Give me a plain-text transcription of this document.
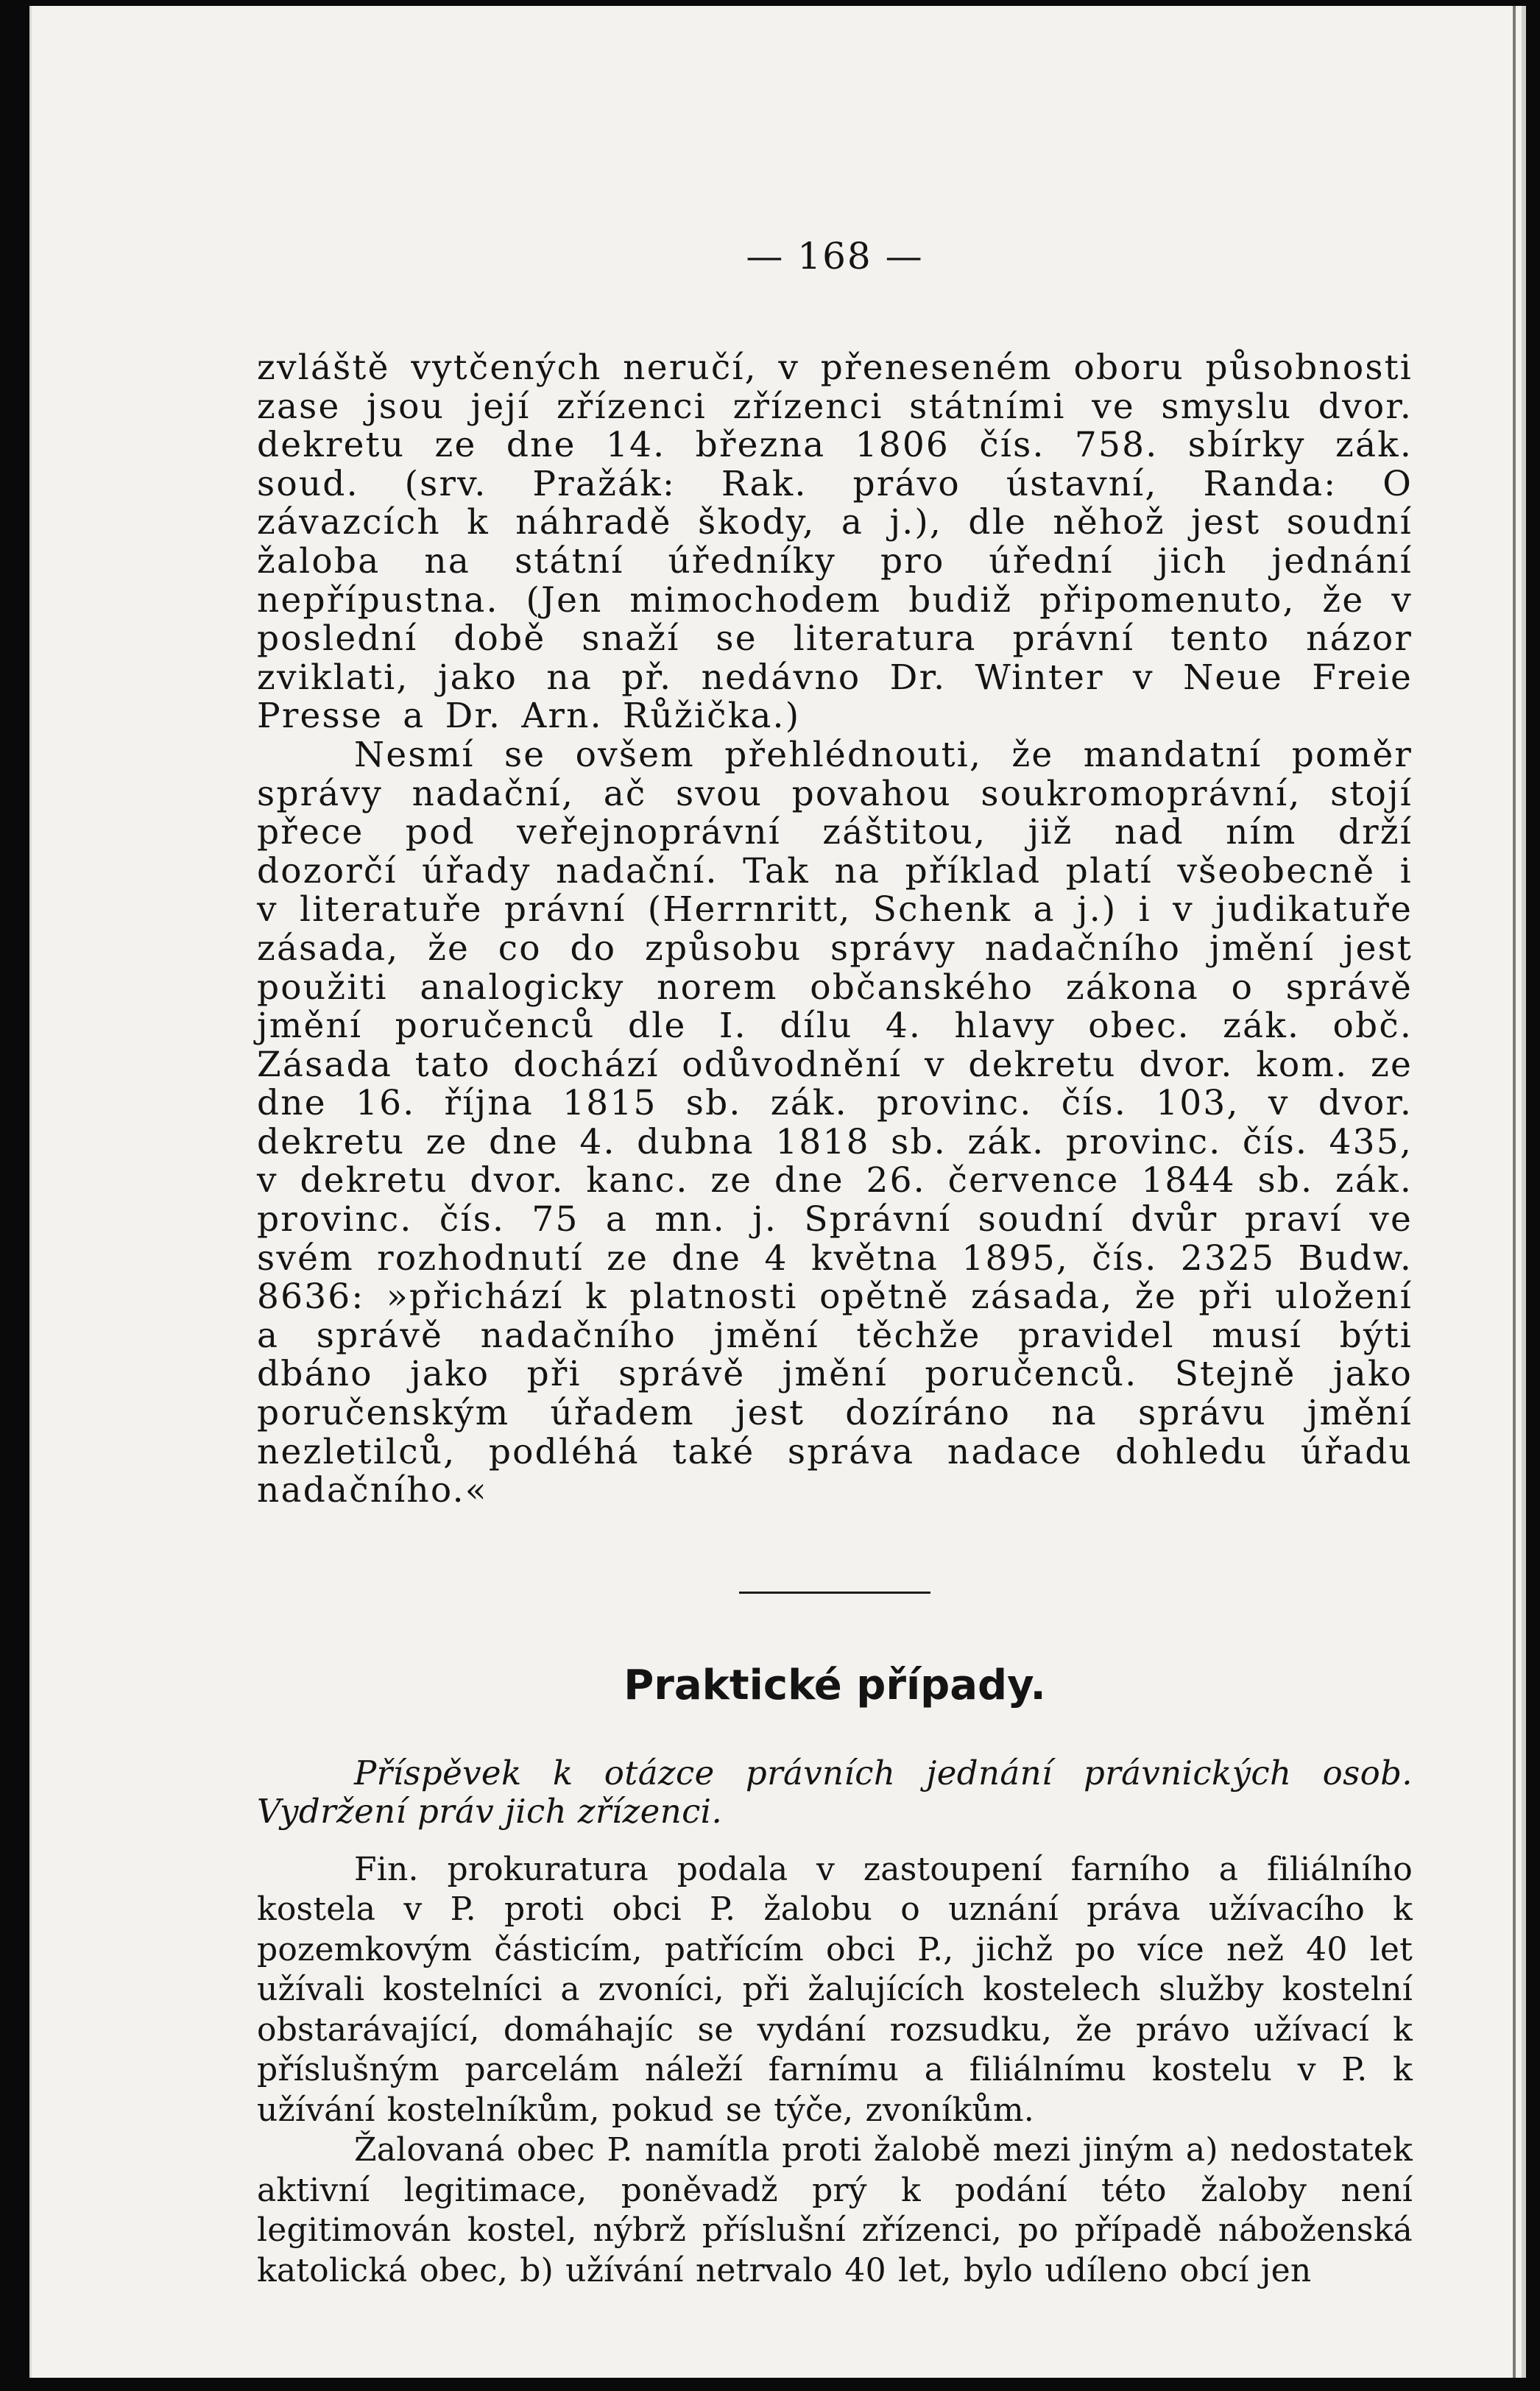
— 168 —

zvláště vytčených neručí, v přeneseném oboru působnosti zase jsou její zřízenci zřízenci státními ve smyslu dvor. dekretu ze dne 14. března 1806 čís. 758. sbírky zák. soud. (srv. Pražák: Rak. právo ústavní, Randa: O závazcích k náhradě škody, a j.), dle něhož jest soudní žaloba na státní úředníky pro úřední jich jednání nepřípustna. (Jen mimochodem budiž připomenuto, že v poslední době snaží se literatura právní tento názor zviklati, jako na př. nedávno Dr. Winter v Neue Freie Presse a Dr. Arn. Růžička.)

Nesmí se ovšem přehlédnouti, že mandatní poměr správy nadační, ač svou povahou soukromoprávní, stojí přece pod veřejnoprávní záštitou, již nad ním drží dozorčí úřady nadační. Tak na příklad platí všeobecně i v literatuře právní (Herrnritt, Schenk a j.) i v judikatuře zásada, že co do způsobu správy nadačního jmění jest použiti analogicky norem občanského zákona o správě jmění poručenců dle I. dílu 4. hlavy obec. zák. obč. Zásada tato dochází odůvodnění v dekretu dvor. kom. ze dne 16. října 1815 sb. zák. provinc. čís. 103, v dvor. dekretu ze dne 4. dubna 1818 sb. zák. provinc. čís. 435, v dekretu dvor. kanc. ze dne 26. července 1844 sb. zák. provinc. čís. 75 a mn. j. Správní soudní dvůr praví ve svém rozhodnutí ze dne 4 května 1895, čís. 2325 Budw. 8636: »přichází k platnosti opětně zásada, že při uložení a správě nadačního jmění těchže pravidel musí býti dbáno jako při správě jmění poručenců. Stejně jako poručenským úřadem jest dozíráno na správu jmění nezletilců, podléhá také správa nadace dohledu úřadu nadačního.«

Praktické případy.

Příspěvek k otázce právních jednání právnických osob. Vydržení práv jich zřízenci.

Fin. prokuratura podala v zastoupení farního a filiálního kostela v P. proti obci P. žalobu o uznání práva užívacího k pozemkovým částicím, patřícím obci P., jichž po více než 40 let užívali kostelníci a zvoníci, při žalujících kostelech služby kostelní obstarávající, domáhajíc se vydání rozsudku, že právo užívací k příslušným parcelám náleží farnímu a filiálnímu kostelu v P. k užívání kostelníkům, pokud se týče, zvoníkům.

Žalovaná obec P. namítla proti žalobě mezi jiným a) nedostatek aktivní legitimace, poněvadž prý k podání této žaloby není legitimován kostel, nýbrž příslušní zřízenci, po případě náboženská katolická obec, b) užívání netrvalo 40 let, bylo udíleno obcí jen
